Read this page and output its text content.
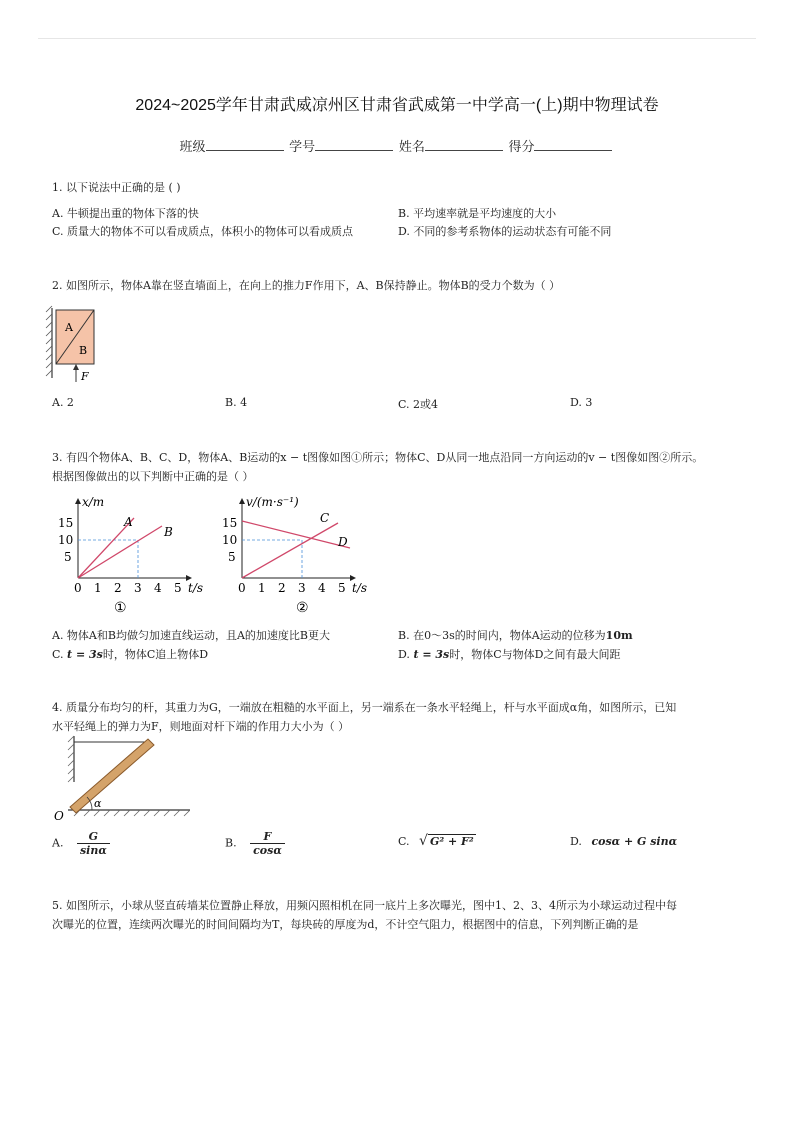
2024~2025学年甘肃武威凉州区甘肃省武威第一中学高一(上)期中物理试卷
班级	学号	姓名	得分

1. 以下说法中正确的是 ( )

A. 牛顿提出重的物体下落的快	B. 平均速率就是平均速度的大小
C. 质量大的物体不可以看成质点，体积小的物体可以看成质点	D. 不同的参考系物体的运动状态有可能不同

2. 如图所示，物体A靠在竖直墙面上，在向上的推力F作用下，A、B保持静止。物体B的受力个数为（ ）

A
B
F
A. 2	B. 4	C. 2或4	D. 3

3. 有四个物体A、B、C、D，物体A、B运动的x − t图像如图①所示；物体C、D从同一地点沿同一方向运动的v − t图像如图②所示。

根据图像做出的以下判断中正确的是（ ）

x/m
t/s
15
10
5
0 1 2 3 4 5
A
B
①
v/(m·s⁻¹)
t/s
15
10
5
0 1 2 3 4 5
C
D
②
A. 物体A和B均做匀加速直线运动，且A的加速度比B更大	B. 在0～3s的时间内，物体A运动的位移为10m
C. t = 3s时，物体C追上物体D	D. t = 3s时，物体C与物体D之间有最大间距

4. 质量分布均匀的杆，其重力为G，一端放在粗糙的水平面上，另一端系在一条水平轻绳上，杆与水平面成α角，如图所示，已知

水平轻绳上的弹力为F，则地面对杆下端的作用力大小为（ ）

α
O
A. $\frac{G}{\sin\alpha}$	B. $\frac{F}{\cos\alpha}$	C. √ G² + F²	D. cosα + G sinα

5. 如图所示，小球从竖直砖墙某位置静止释放，用频闪照相机在同一底片上多次曝光，图中1、2、3、4所示为小球运动过程中每

次曝光的位置，连续两次曝光的时间间隔均为T，每块砖的厚度为d，不计空气阻力，根据图中的信息，下列判断正确的是
